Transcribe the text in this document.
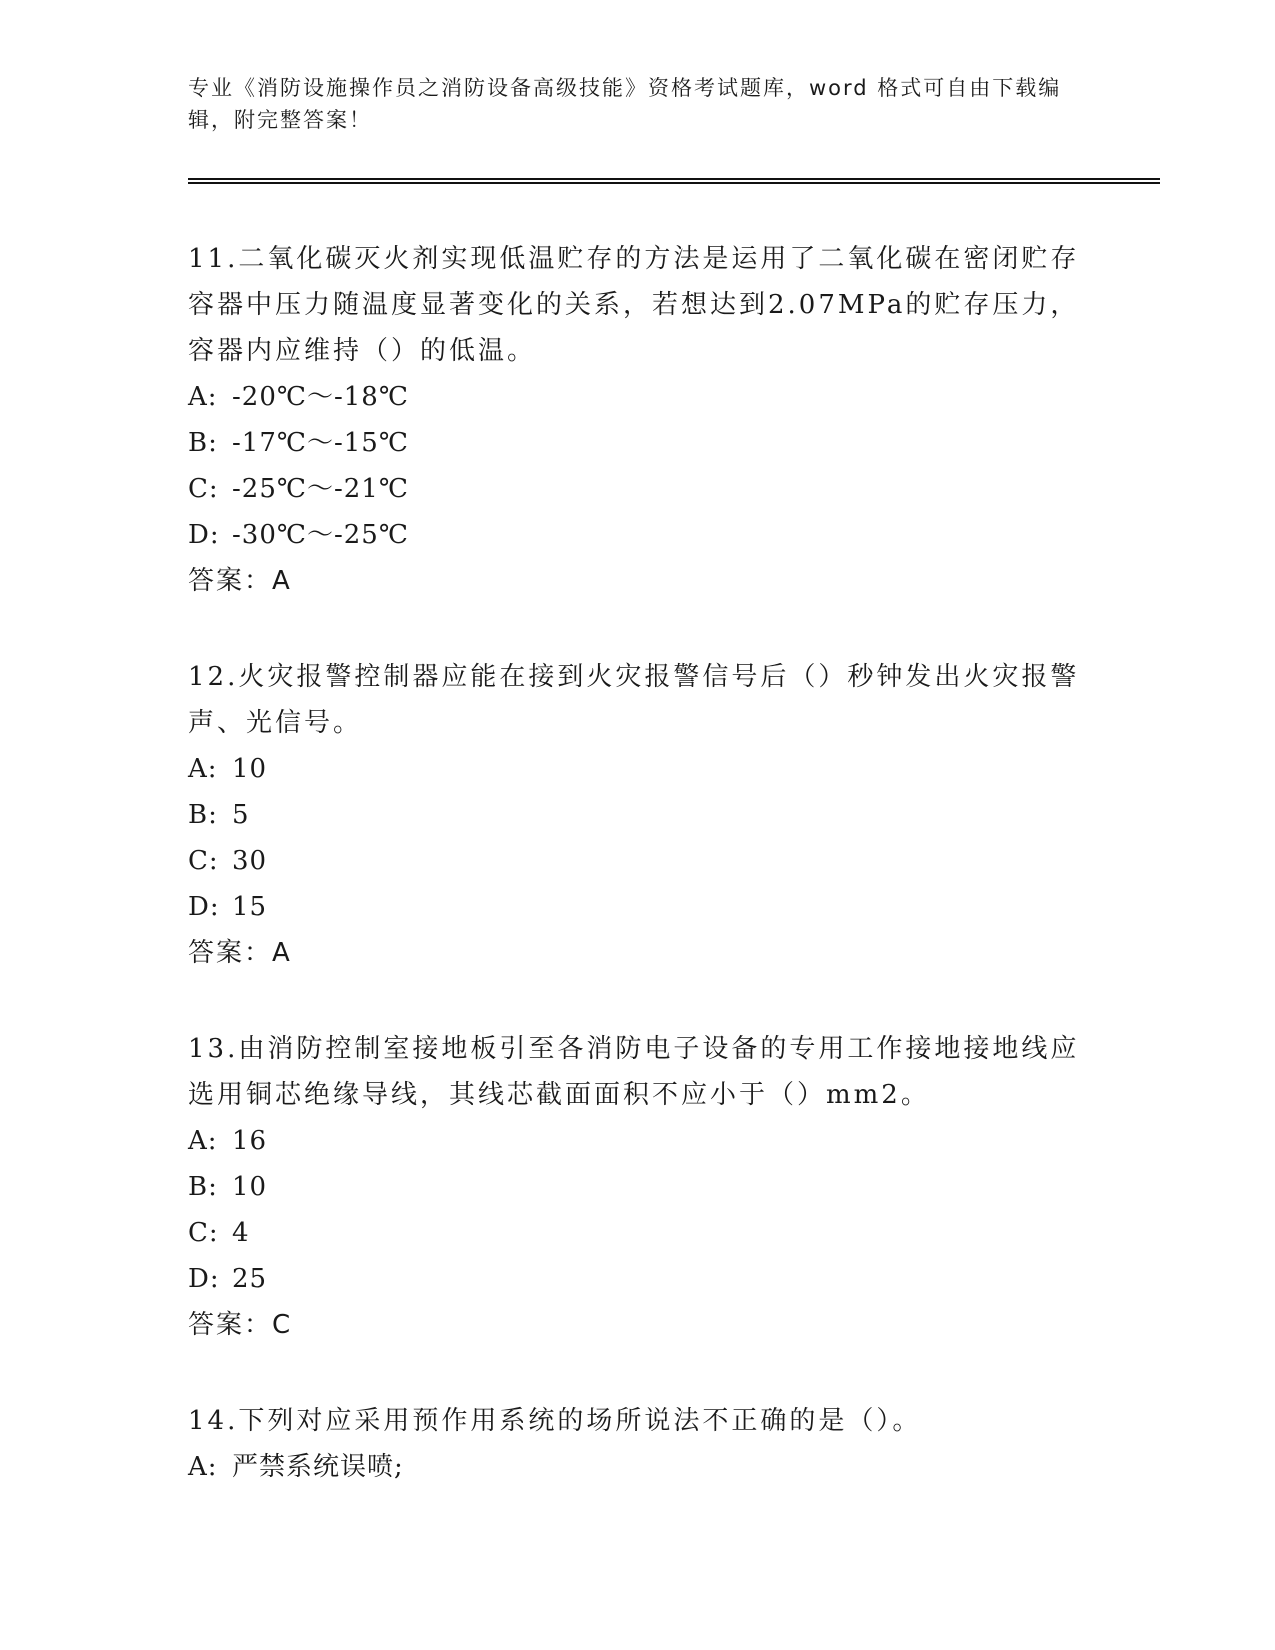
专业《消防设施操作员之消防设备高级技能》资格考试题库，word 格式可自由下载编辑，附完整答案！
11.二氧化碳灭火剂实现低温贮存的方法是运用了二氧化碳在密闭贮存容器中压力随温度显著变化的关系，若想达到2.07MPa的贮存压力，容器内应维持（）的低温。
A: -20℃～-18℃
B: -17℃～-15℃
C: -25℃～-21℃
D: -30℃～-25℃
答案：A
12.火灾报警控制器应能在接到火灾报警信号后（）秒钟发出火灾报警声、光信号。
A: 10
B: 5
C: 30
D: 15
答案：A
13.由消防控制室接地板引至各消防电子设备的专用工作接地接地线应选用铜芯绝缘导线，其线芯截面面积不应小于（）mm2。
A: 16
B: 10
C: 4
D: 25
答案：C
14.下列对应采用预作用系统的场所说法不正确的是（）。
A: 严禁系统误喷;
